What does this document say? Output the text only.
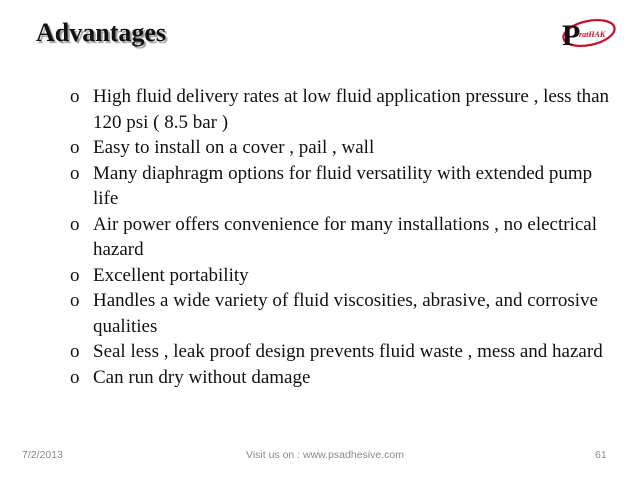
Advantages	P
ratHAK
o High fluid delivery rates at low fluid application pressure , less than 120 psi ( 8.5 bar )
o Easy to install on a cover , pail , wall
o Many diaphragm options for fluid versatility with extended pump life
o Air power offers convenience for many installations , no electrical hazard
o Excellent portability
o Handles a wide variety of fluid viscosities, abrasive, and corrosive qualities
o Seal less , leak proof design prevents fluid waste , mess and hazard
o Can run dry without damage
7/2/2013	Visit us on : www.psadhesive.com	61
